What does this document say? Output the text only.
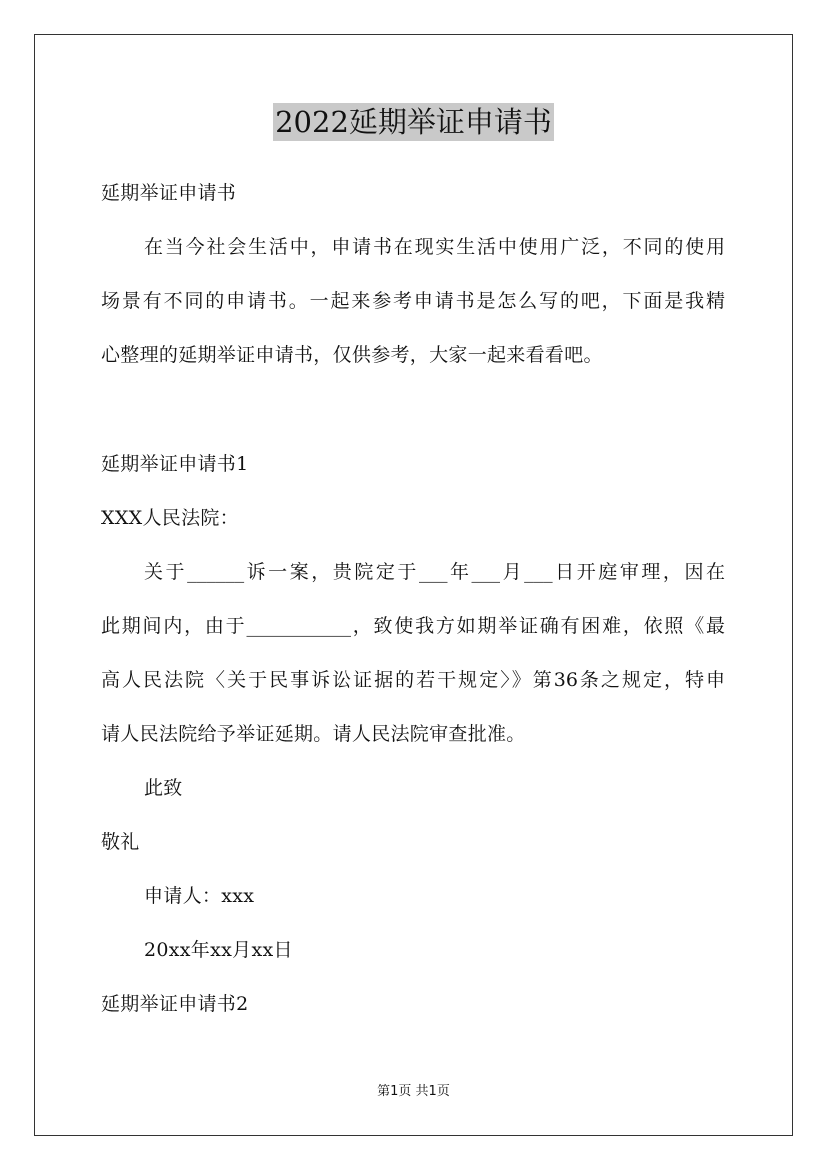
2022延期举证申请书
延期举证申请书
在当今社会生活中，申请书在现实生活中使用广泛，不同的使用
场景有不同的申请书。一起来参考申请书是怎么写的吧，下面是我精
心整理的延期举证申请书，仅供参考，大家一起来看看吧。
延期举证申请书1
XXX人民法院：
关于______诉一案，贵院定于___年___月___日开庭审理，因在
此期间内，由于___________，致使我方如期举证确有困难，依照《最
高人民法院〈关于民事诉讼证据的若干规定〉》第36条之规定，特申
请人民法院给予举证延期。请人民法院审查批准。
此致
敬礼
申请人：xxx
20xx年xx月xx日
延期举证申请书2
第1页 共1页
